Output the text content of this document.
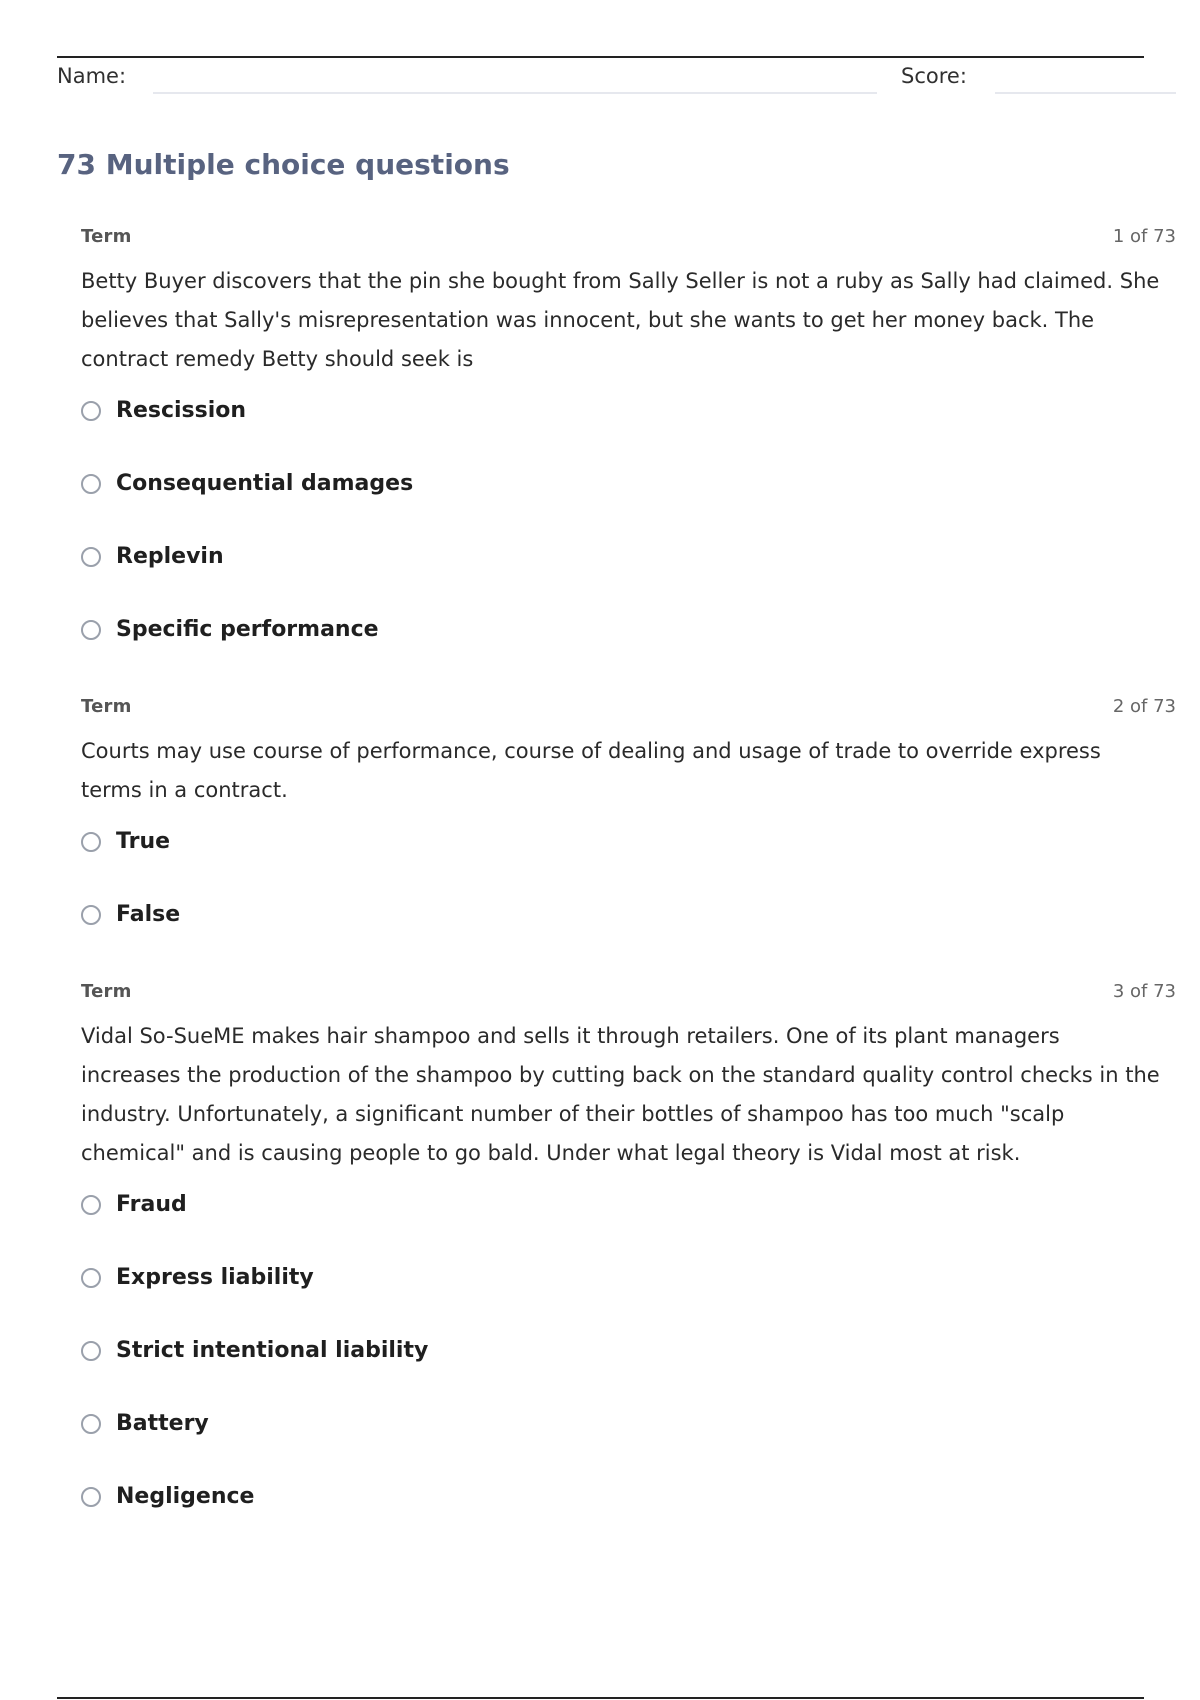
Name:	Score:
73 Multiple choice questions
Term	1 of 73
Betty Buyer discovers that the pin she bought from Sally Seller is not a ruby as Sally had claimed. She believes that Sally's misrepresentation was innocent, but she wants to get her money back. The contract remedy Betty should seek is
Rescission
Consequential damages
Replevin
Specific performance
Term	2 of 73
Courts may use course of performance, course of dealing and usage of trade to override express terms in a contract.
True
False
Term	3 of 73
Vidal So-SueME makes hair shampoo and sells it through retailers. One of its plant managers increases the production of the shampoo by cutting back on the standard quality control checks in the industry. Unfortunately, a significant number of their bottles of shampoo has too much "scalp chemical" and is causing people to go bald. Under what legal theory is Vidal most at risk.
Fraud
Express liability
Strict intentional liability
Battery
Negligence
